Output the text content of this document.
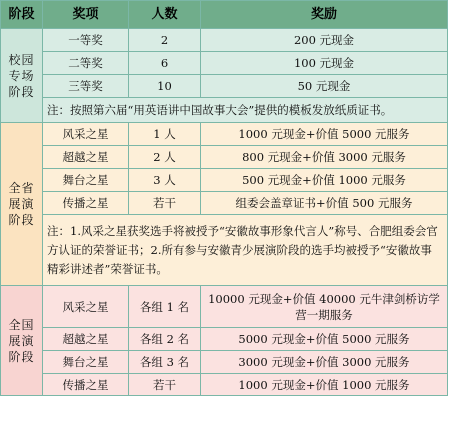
阶段	奖项	人数	奖励

校园
专场
阶段	一等奖	2	200 元现金
	二等奖	6	100 元现金
	三等奖	10	50 元现金
	注：按照第六届“用英语讲中国故事大会”提供的模板发放纸质证书。		

全省
展演
阶段	风采之星	1 人	1000 元现金+价值 5000 元服务
	超越之星	2 人	800 元现金+价值 3000 元服务
	舞台之星	3 人	500 元现金+价值 1000 元服务
	传播之星	若干	组委会盖章证书+价值 500 元服务
	注：1.风采之星获奖选手将被授予“安徽故事形象代言人”称号、合肥组委会官方认证的荣誉证书；2.所有参与安徽青少展演阶段的选手均被授予“安徽故事精彩讲述者”荣誉证书。		

全国
展演
阶段	风采之星	各组 1 名	10000 元现金+价值 40000 元牛津剑桥访学营一期服务
	超越之星	各组 2 名	5000 元现金+价值 5000 元服务
	舞台之星	各组 3 名	3000 元现金+价值 3000 元服务
	传播之星	若干	1000 元现金+价值 1000 元服务
